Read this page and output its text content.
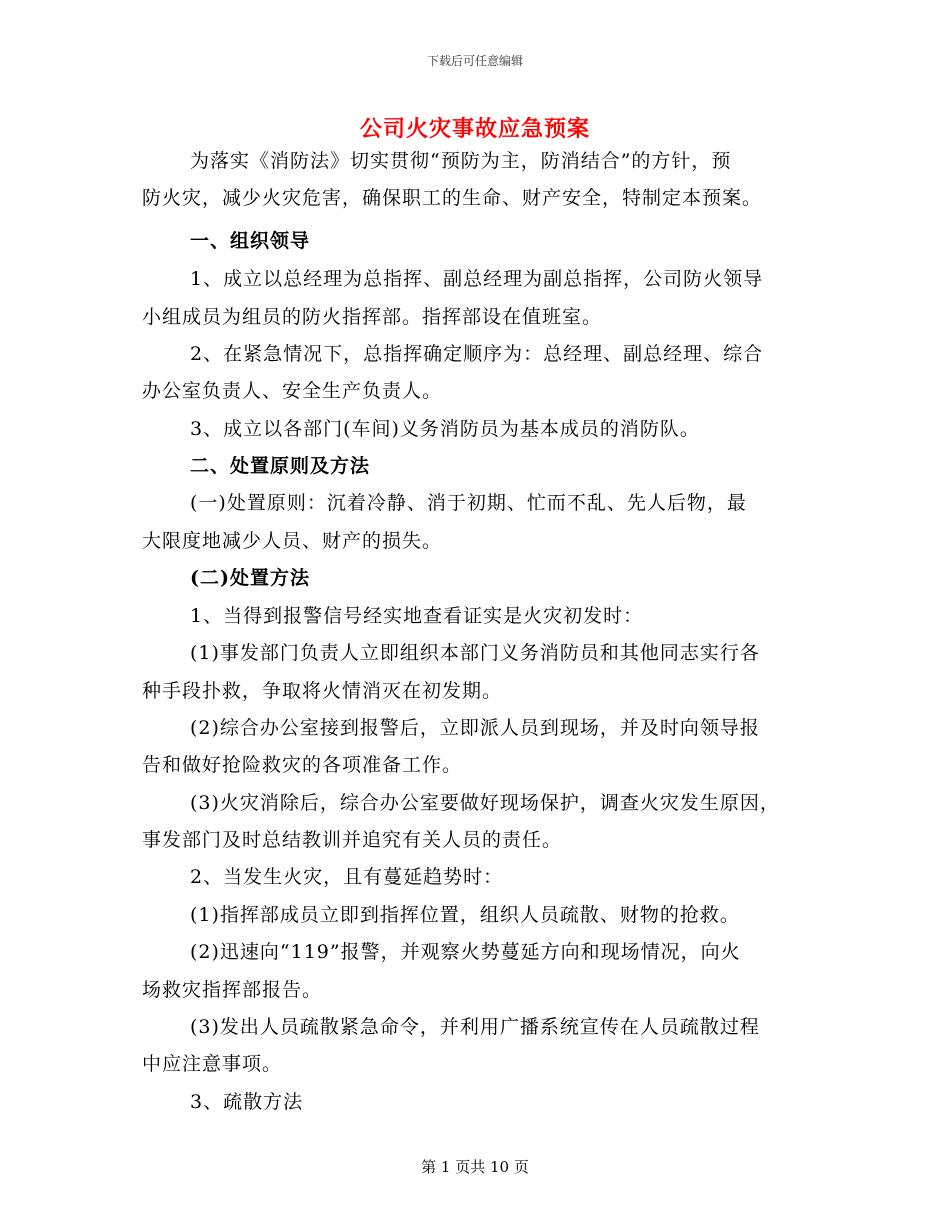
下载后可任意编辑
公司火灾事故应急预案
为落实《消防法》切实贯彻“预防为主，防消结合”的方针，预
防火灾，减少火灾危害，确保职工的生命、财产安全，特制定本预案。
一、组织领导
1、成立以总经理为总指挥、副总经理为副总指挥，公司防火领导
小组成员为组员的防火指挥部。指挥部设在值班室。
2、在紧急情况下，总指挥确定顺序为：总经理、副总经理、综合
办公室负责人、安全生产负责人。
3、成立以各部门(车间)义务消防员为基本成员的消防队。
二、处置原则及方法
(一)处置原则：沉着冷静、消于初期、忙而不乱、先人后物，最
大限度地减少人员、财产的损失。
(二)处置方法
1、当得到报警信号经实地查看证实是火灾初发时：
(1)事发部门负责人立即组织本部门义务消防员和其他同志实行各
种手段扑救，争取将火情消灭在初发期。
(2)综合办公室接到报警后，立即派人员到现场，并及时向领导报
告和做好抢险救灾的各项准备工作。
(3)火灾消除后，综合办公室要做好现场保护，调查火灾发生原因，
事发部门及时总结教训并追究有关人员的责任。
2、当发生火灾，且有蔓延趋势时：
(1)指挥部成员立即到指挥位置，组织人员疏散、财物的抢救。
(2)迅速向“119”报警，并观察火势蔓延方向和现场情况，向火
场救灾指挥部报告。
(3)发出人员疏散紧急命令，并利用广播系统宣传在人员疏散过程
中应注意事项。
3、疏散方法
第 1 页共 10 页
